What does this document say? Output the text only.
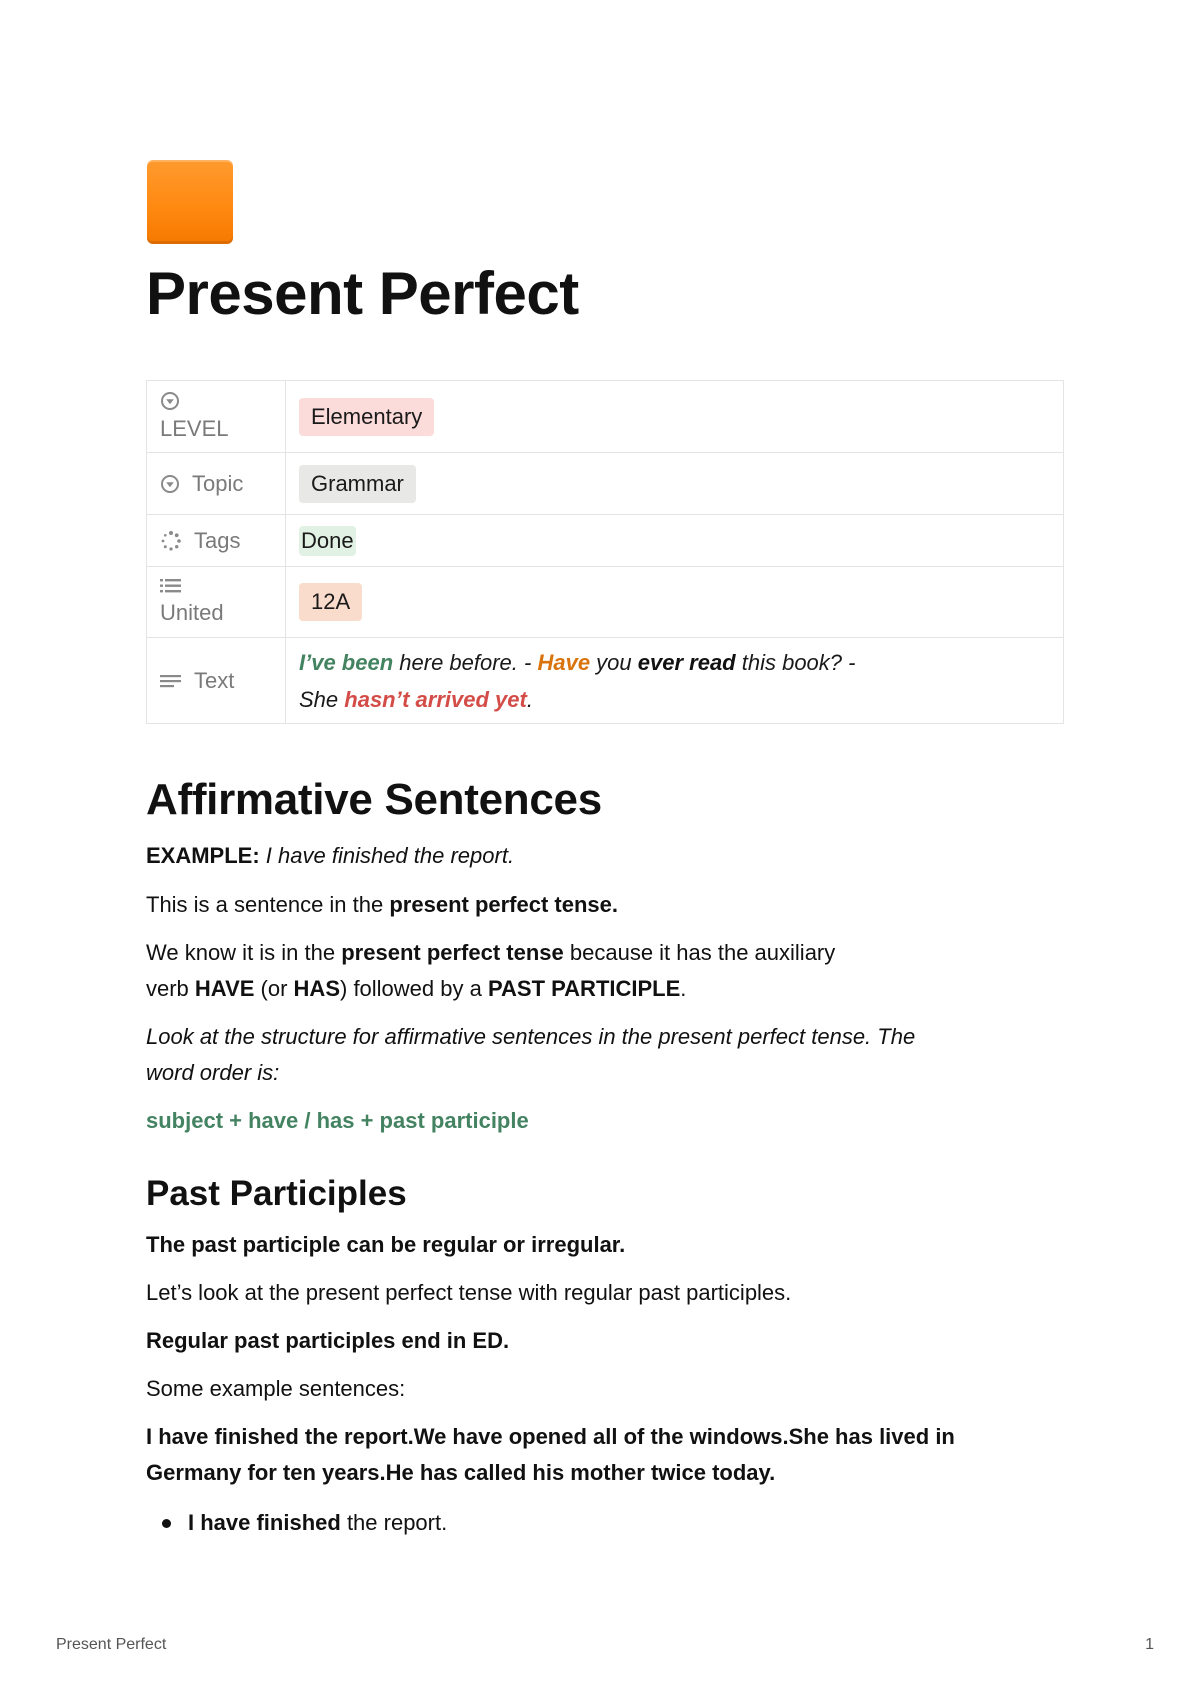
Present Perfect
LEVEL	Elementary
Topic	Grammar
Tags	Done

United	12A
Text	I’ve been here before. - Have you ever read this book? -
She hasn’t arrived yet.
Affirmative Sentences

EXAMPLE: I have finished the report.

This is a sentence in the present perfect tense.

We know it is in the present perfect tense because it has the auxiliary
verb HAVE (or HAS) followed by a PAST PARTICIPLE.

Look at the structure for affirmative sentences in the present perfect tense. The
word order is:

subject + have / has + past participle

Past Participles

The past participle can be regular or irregular.

Let’s look at the present perfect tense with regular past participles.

Regular past participles end in ED.

Some example sentences:

I have finished the report.We have opened all of the windows.She has lived in
Germany for ten years.He has called his mother twice today.

I have finished the report.
Present Perfect	1
